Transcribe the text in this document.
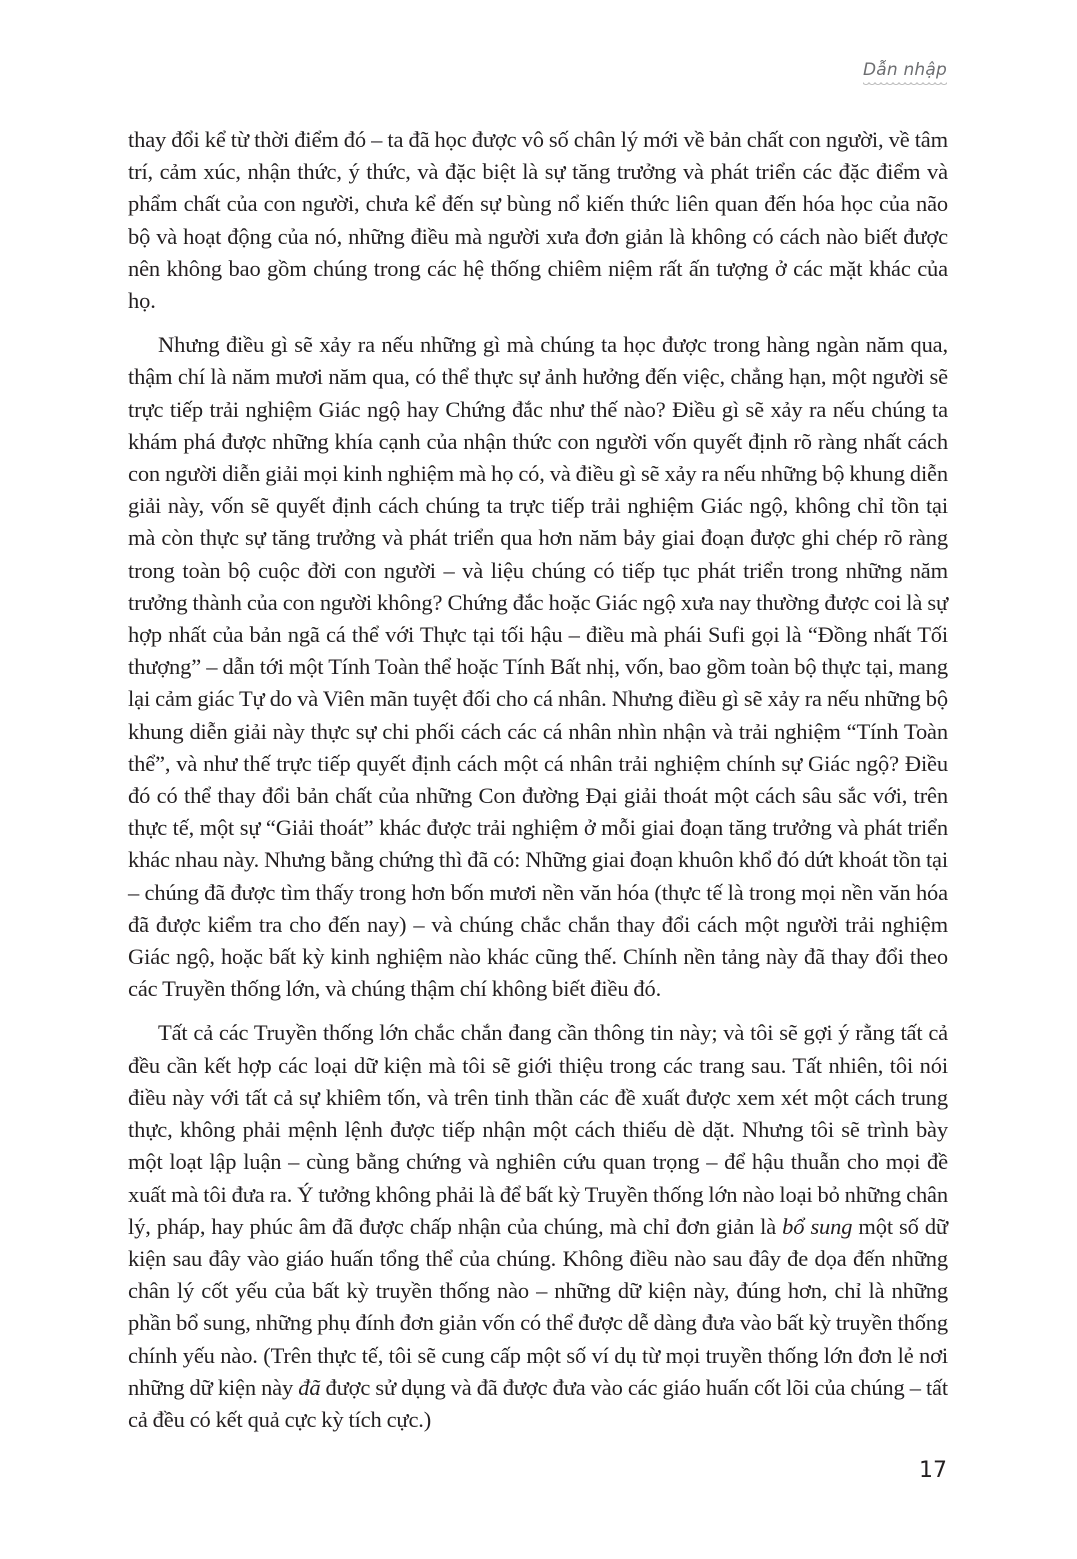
Dẫn nhập

thay đổi kể từ thời điểm đó – ta đã học được vô số chân lý mới về bản chất con người, về tâm trí, cảm xúc, nhận thức, ý thức, và đặc biệt là sự tăng trưởng và phát triển các đặc điểm và phẩm chất của con người, chưa kể đến sự bùng nổ kiến thức liên quan đến hóa học của não bộ và hoạt động của nó, những điều mà người xưa đơn giản là không có cách nào biết được nên không bao gồm chúng trong các hệ thống chiêm niệm rất ấn tượng ở các mặt khác của họ.

Nhưng điều gì sẽ xảy ra nếu những gì mà chúng ta học được trong hàng ngàn năm qua, thậm chí là năm mươi năm qua, có thể thực sự ảnh hưởng đến việc, chẳng hạn, một người sẽ trực tiếp trải nghiệm Giác ngộ hay Chứng đắc như thế nào? Điều gì sẽ xảy ra nếu chúng ta khám phá được những khía cạnh của nhận thức con người vốn quyết định rõ ràng nhất cách con người diễn giải mọi kinh nghiệm mà họ có, và điều gì sẽ xảy ra nếu những bộ khung diễn giải này, vốn sẽ quyết định cách chúng ta trực tiếp trải nghiệm Giác ngộ, không chỉ tồn tại mà còn thực sự tăng trưởng và phát triển qua hơn năm bảy giai đoạn được ghi chép rõ ràng trong toàn bộ cuộc đời con người – và liệu chúng có tiếp tục phát triển trong những năm trưởng thành của con người không? Chứng đắc hoặc Giác ngộ xưa nay thường được coi là sự hợp nhất của bản ngã cá thể với Thực tại tối hậu – điều mà phái Sufi gọi là “Đồng nhất Tối thượng” – dẫn tới một Tính Toàn thể hoặc Tính Bất nhị, vốn, bao gồm toàn bộ thực tại, mang lại cảm giác Tự do và Viên mãn tuyệt đối cho cá nhân. Nhưng điều gì sẽ xảy ra nếu những bộ khung diễn giải này thực sự chi phối cách các cá nhân nhìn nhận và trải nghiệm “Tính Toàn thể”, và như thế trực tiếp quyết định cách một cá nhân trải nghiệm chính sự Giác ngộ? Điều đó có thể thay đổi bản chất của những Con đường Đại giải thoát một cách sâu sắc với, trên thực tế, một sự “Giải thoát” khác được trải nghiệm ở mỗi giai đoạn tăng trưởng và phát triển khác nhau này. Nhưng bằng chứng thì đã có: Những giai đoạn khuôn khổ đó dứt khoát tồn tại – chúng đã được tìm thấy trong hơn bốn mươi nền văn hóa (thực tế là trong mọi nền văn hóa đã được kiểm tra cho đến nay) – và chúng chắc chắn thay đổi cách một người trải nghiệm Giác ngộ, hoặc bất kỳ kinh nghiệm nào khác cũng thế. Chính nền tảng này đã thay đổi theo các Truyền thống lớn, và chúng thậm chí không biết điều đó.

Tất cả các Truyền thống lớn chắc chắn đang cần thông tin này; và tôi sẽ gợi ý rằng tất cả đều cần kết hợp các loại dữ kiện mà tôi sẽ giới thiệu trong các trang sau. Tất nhiên, tôi nói điều này với tất cả sự khiêm tốn, và trên tinh thần các đề xuất được xem xét một cách trung thực, không phải mệnh lệnh được tiếp nhận một cách thiếu dè dặt. Nhưng tôi sẽ trình bày một loạt lập luận – cùng bằng chứng và nghiên cứu quan trọng – để hậu thuẫn cho mọi đề xuất mà tôi đưa ra. Ý tưởng không phải là để bất kỳ Truyền thống lớn nào loại bỏ những chân lý, pháp, hay phúc âm đã được chấp nhận của chúng, mà chỉ đơn giản là bổ sung một số dữ kiện sau đây vào giáo huấn tổng thể của chúng. Không điều nào sau đây đe dọa đến những chân lý cốt yếu của bất kỳ truyền thống nào – những dữ kiện này, đúng hơn, chỉ là những phần bổ sung, những phụ đính đơn giản vốn có thể được dễ dàng đưa vào bất kỳ truyền thống chính yếu nào. (Trên thực tế, tôi sẽ cung cấp một số ví dụ từ mọi truyền thống lớn đơn lẻ nơi những dữ kiện này đã được sử dụng và đã được đưa vào các giáo huấn cốt lõi của chúng – tất cả đều có kết quả cực kỳ tích cực.)

17
